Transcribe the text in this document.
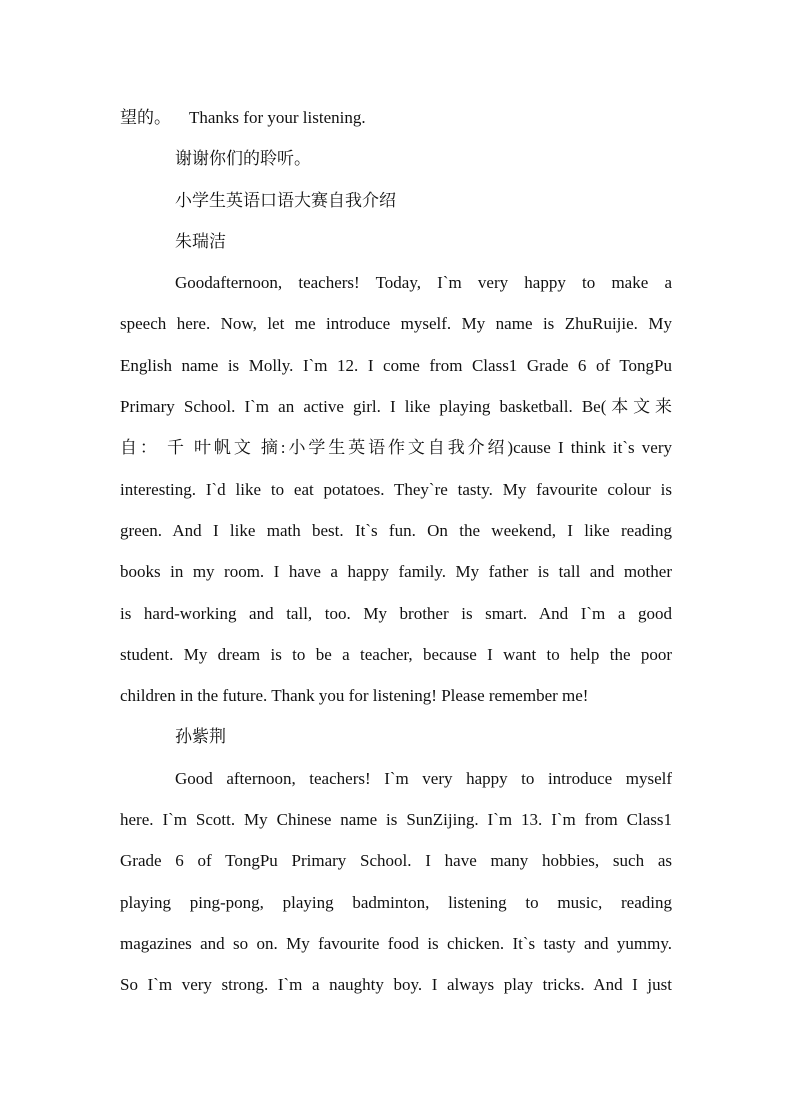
望的。 Thanks for your listening.
谢谢你们的聆听。
小学生英语口语大赛自我介绍
朱瑞洁
Goodafternoon, teachers! Today, I`m very happy to make a
speech here. Now, let me introduce myself. My name is ZhuRuijie. My
English name is Molly. I`m 12. I come from Class1 Grade 6 of TongPu
Primary School. I`m an active girl. I like playing basketball. Be(本文来
自： 千 叶帆文 摘:小学生英语作文自我介绍)cause I think it`s very
interesting. I`d like to eat potatoes. They`re tasty. My favourite colour is
green. And I like math best. It`s fun. On the weekend, I like reading
books in my room. I have a happy family. My father is tall and mother
is hard-working and tall, too. My brother is smart. And I`m a good
student. My dream is to be a teacher, because I want to help the poor
children in the future. Thank you for listening! Please remember me!
孙紫荆
Good afternoon, teachers! I`m very happy to introduce myself
here. I`m Scott. My Chinese name is SunZijing. I`m 13. I`m from Class1
Grade 6 of TongPu Primary School. I have many hobbies, such as
playing ping-pong, playing badminton, listening to music, reading
magazines and so on. My favourite food is chicken. It`s tasty and yummy.
So I`m very strong. I`m a naughty boy. I always play tricks. And I just
